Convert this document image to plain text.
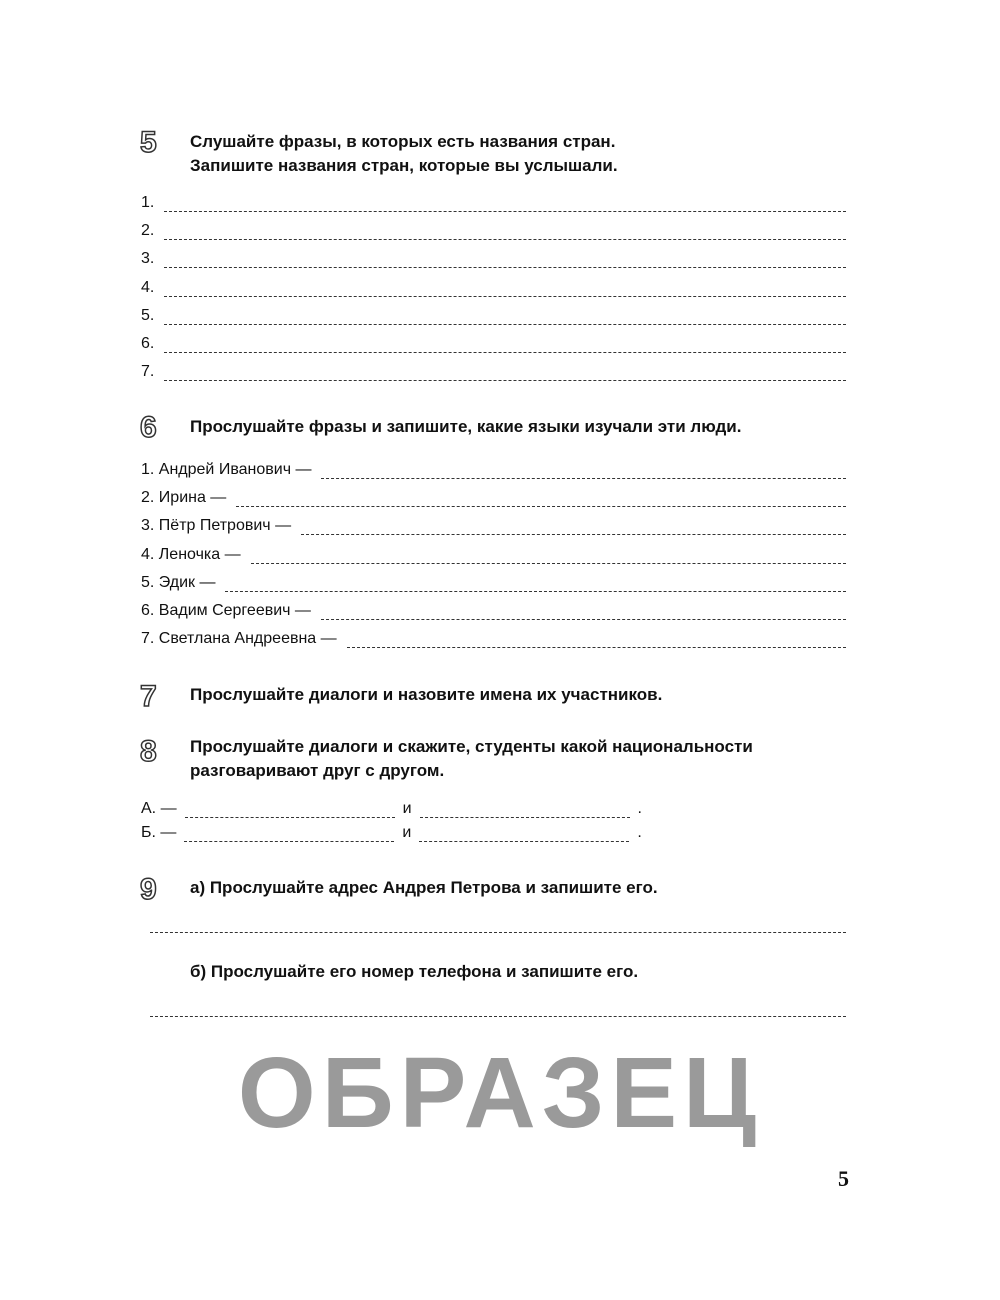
5 Слушайте фразы, в которых есть названия стран.
Запишите названия стран, которые вы услышали.
1.
2.
3.
4.
5.
6.
7.
6 Прослушайте фразы и запишите, какие языки изучали эти люди.
1. Андрей Иванович —
2. Ирина —
3. Пётр Петрович —
4. Леночка —
5. Эдик —
6. Вадим Сергеевич —
7. Светлана Андреевна —
7 Прослушайте диалоги и назовите имена их участников.
8 Прослушайте диалоги и скажите, студенты какой национальности
разговаривают друг с другом.
А. —	и	.
Б. —	и	.
9 а) Прослушайте адрес Андрея Петрова и запишите его.
б) Прослушайте его номер телефона и запишите его.
ОБРАЗЕЦ
5
